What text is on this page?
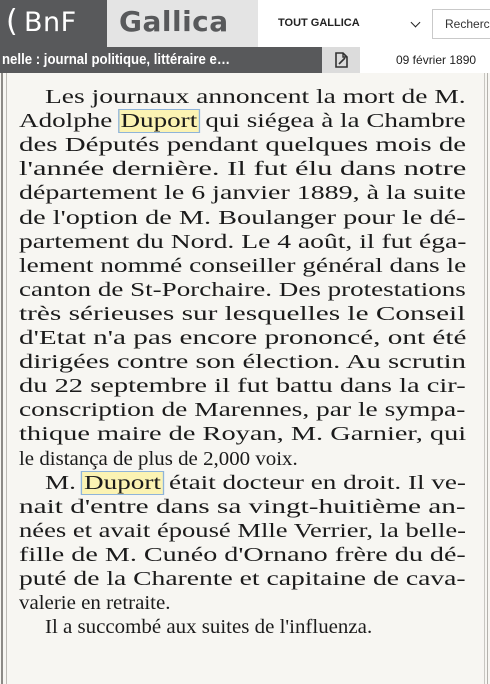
( BnF Gallica	TOUT GALLICA	Recherc
nelle : journal politique, littéraire e…	09 février 1890
Les journaux annoncent la mort de M.
Adolphe Duport qui siégea à la Chambre
des Députés pendant quelques mois de
l'année dernière. Il fut élu dans notre
département le 6 janvier 1889, à la suite
de l'option de M. Boulanger pour le dé-
partement du Nord. Le 4 août, il fut éga-
lement nommé conseiller général dans le
canton de St-Porchaire. Des protestations
très sérieuses sur lesquelles le Conseil
d'Etat n'a pas encore prononcé, ont été
dirigées contre son élection. Au scrutin
du 22 septembre il fut battu dans la cir-
conscription de Marennes, par le sympa-
thique maire de Royan, M. Garnier, qui
le distança de plus de 2,000 voix.
M. Duport était docteur en droit. Il ve-
nait d'entre dans sa vingt-huitième an-
nées et avait épousé Mlle Verrier, la belle-
fille de M. Cunéo d'Ornano frère du dé-
puté de la Charente et capitaine de cava-
valerie en retraite.
Il a succombé aux suites de l'influenza.
